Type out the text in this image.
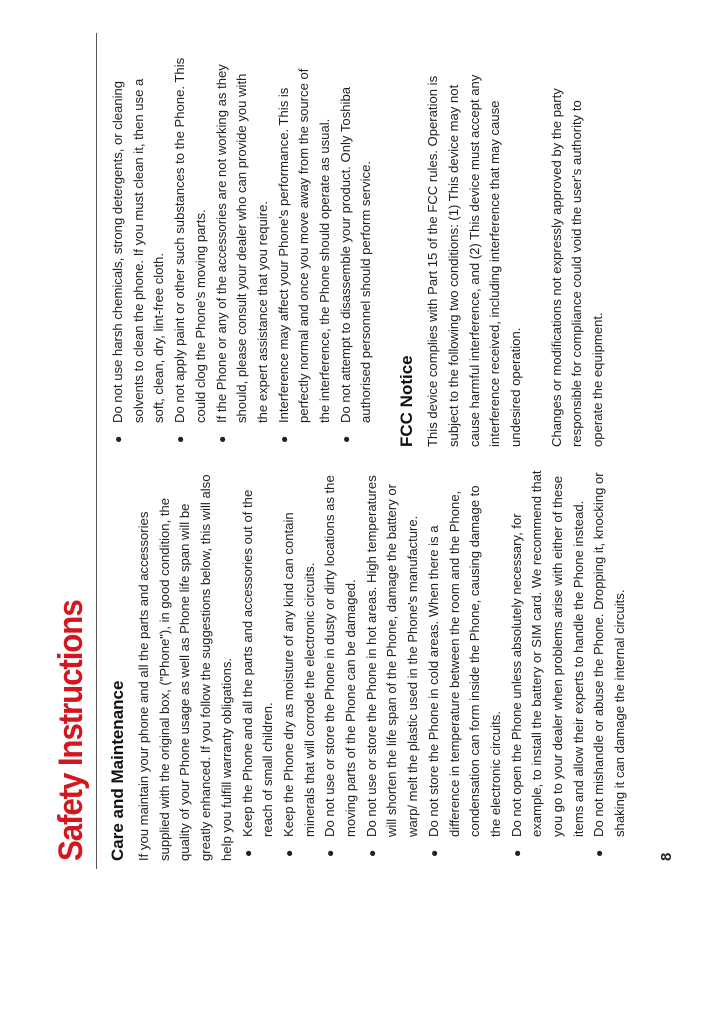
Safety Instructions Care and Maintenance If you maintain your phone and all the parts and accessories supplied with the original box, ("Phone"), in good condition, the quality of your Phone usage as well as Phone life span will be greatly enhanced. If you follow the suggestions below, this will also help you fulfill warranty obligations. ●
Keep the Phone and all the parts and accessories out of the reach of small children.
●
Keep the Phone dry as moisture of any kind can contain minerals that will corrode the electronic circuits.
●
Do not use or store the Phone in dusty or dirty locations as the moving parts of the Phone can be damaged.
●
Do not use or store the Phone in hot areas. High temperatures will shorten the life span of the Phone, damage the battery or warp/ melt the plastic used in the Phone's manufacture.
●
Do not store the Phone in cold areas. When there is a difference in temperature between the room and the Phone, condensation can form inside the Phone, causing damage to the electronic circuits.
●
Do not open the Phone unless absolutely necessary, for example, to install the battery or SIM card. We recommend that you go to your dealer when problems arise with either of these items and allow their experts to handle the Phone instead.
●
Do not mishandle or abuse the Phone. Dropping it, knocking or shaking it can damage the internal circuits.
●
Do not use harsh chemicals, strong detergents, or cleaning solvents to clean the phone. If you must clean it, then use a soft, clean, dry, lint-free cloth.
●
Do not apply paint or other such substances to the Phone. This could clog the Phone's moving parts.
●
If the Phone or any of the accessories are not working as they should, please consult your dealer who can provide you with the expert assistance that you require.
●
Interference may affect your Phone's performance. This is perfectly normal and once you move away from the source of the interference, the Phone should operate as usual.
●
Do not attempt to disassemble your product. Only Toshiba authorised personnel should perform service. FCC Notice This device complies with Part 15 of the FCC rules. Operation is subject to the following two conditions: (1) This device may not cause harmful interference, and (2) This device must accept any interference received, including interference that may cause undesired operation. Changes or modifications not expressly approved by the party responsible for compliance could void the user's authority to operate the equipment.

8
